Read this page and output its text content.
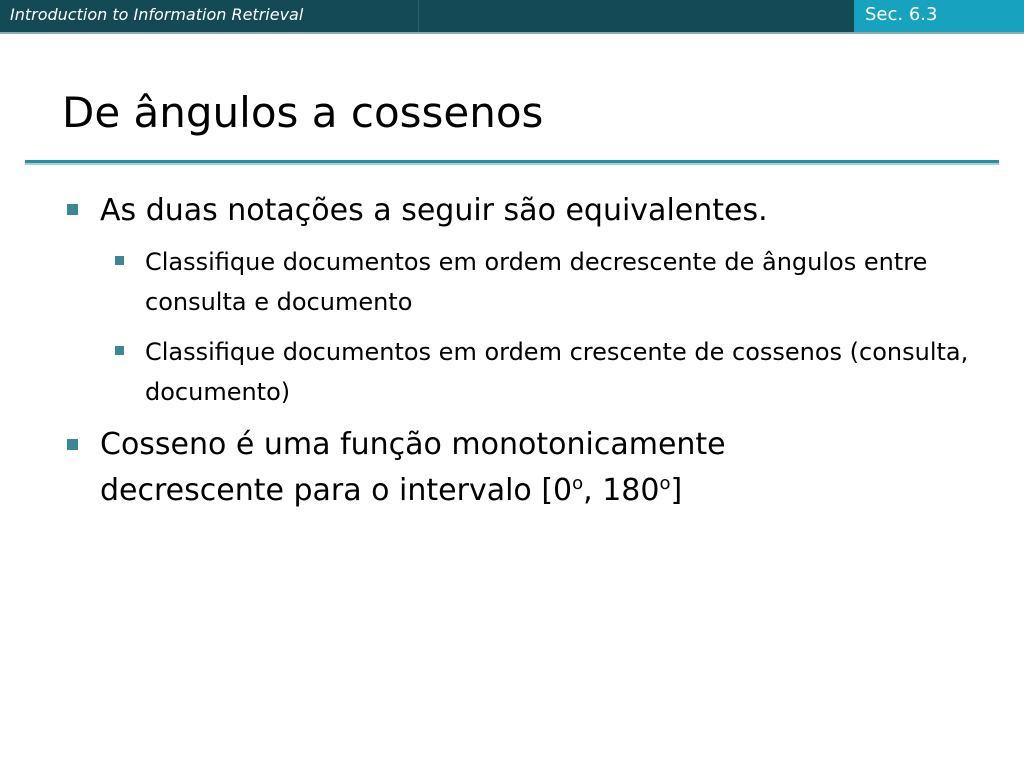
Introduction to Information Retrieval	Sec. 6.3
De ângulos a cossenos
As duas notações a seguir são equivalentes.
Classifique documentos em ordem decrescente de ângulos entre consulta e documento
Classifique documentos em ordem crescente de cossenos (consulta, documento)
Cosseno é uma função monotonicamente
decrescente para o intervalo [0$^o$, 180$^o$]
